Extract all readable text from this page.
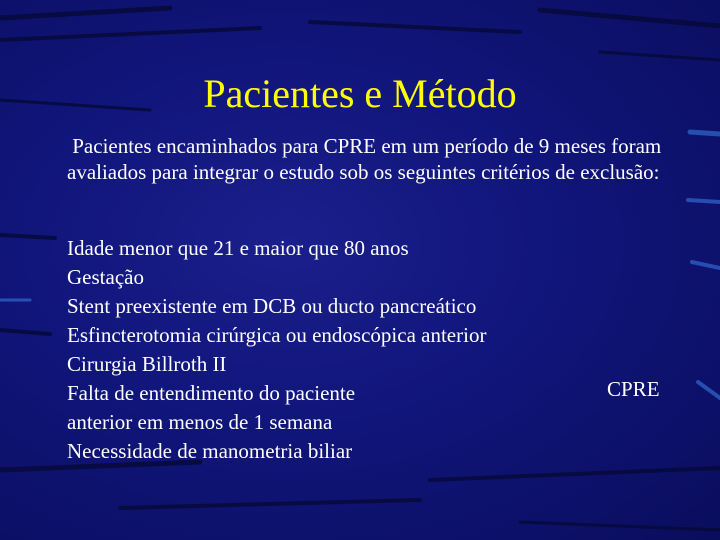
Pacientes e Método
Pacientes encaminhados para CPRE em um período de 9 meses foram avaliados para integrar o estudo sob os seguintes critérios de exclusão:
Idade menor que 21 e maior que 80 anos
Gestação
Stent preexistente em DCB ou ducto pancreático
Esfincterotomia cirúrgica ou endoscópica anterior
Cirurgia Billroth II
Falta de entendimento do paciente
anterior em menos de 1 semana
Necessidade de manometria biliar
CPRE
